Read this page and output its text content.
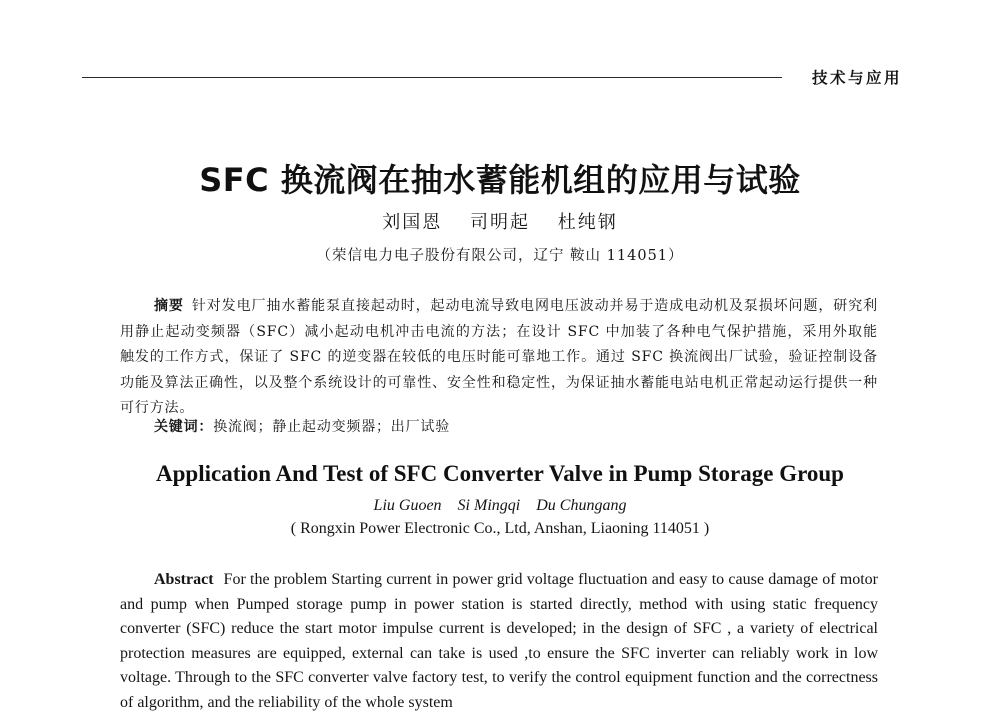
技术与应用
SFC 换流阀在抽水蓄能机组的应用与试验
刘国恩 司明起 杜纯钢
（荣信电力电子股份有限公司，辽宁 鞍山 114051）
摘要 针对发电厂抽水蓄能泵直接起动时，起动电流导致电网电压波动并易于造成电动机及泵损坏问题，研究利用静止起动变频器（SFC）减小起动电机冲击电流的方法；在设计 SFC 中加装了各种电气保护措施，采用外取能触发的工作方式，保证了 SFC 的逆变器在较低的电压时能可靠地工作。通过 SFC 换流阀出厂试验，验证控制设备功能及算法正确性，以及整个系统设计的可靠性、安全性和稳定性，为保证抽水蓄能电站电机正常起动运行提供一种可行方法。
关键词：换流阀；静止起动变频器；出厂试验
Application And Test of SFC Converter Valve in Pump Storage Group
Liu Guoen Si Mingqi Du Chungang
( Rongxin Power Electronic Co., Ltd, Anshan, Liaoning 114051 )
Abstract For the problem Starting current in power grid voltage fluctuation and easy to cause damage of motor and pump when Pumped storage pump in power station is started directly, method with using static frequency converter (SFC) reduce the start motor impulse current is developed; in the design of SFC , a variety of electrical protection measures are equipped, external can take is used ,to ensure the SFC inverter can reliably work in low voltage. Through to the SFC converter valve factory test, to verify the control equipment function and the correctness of algorithm, and the reliability of the whole system
